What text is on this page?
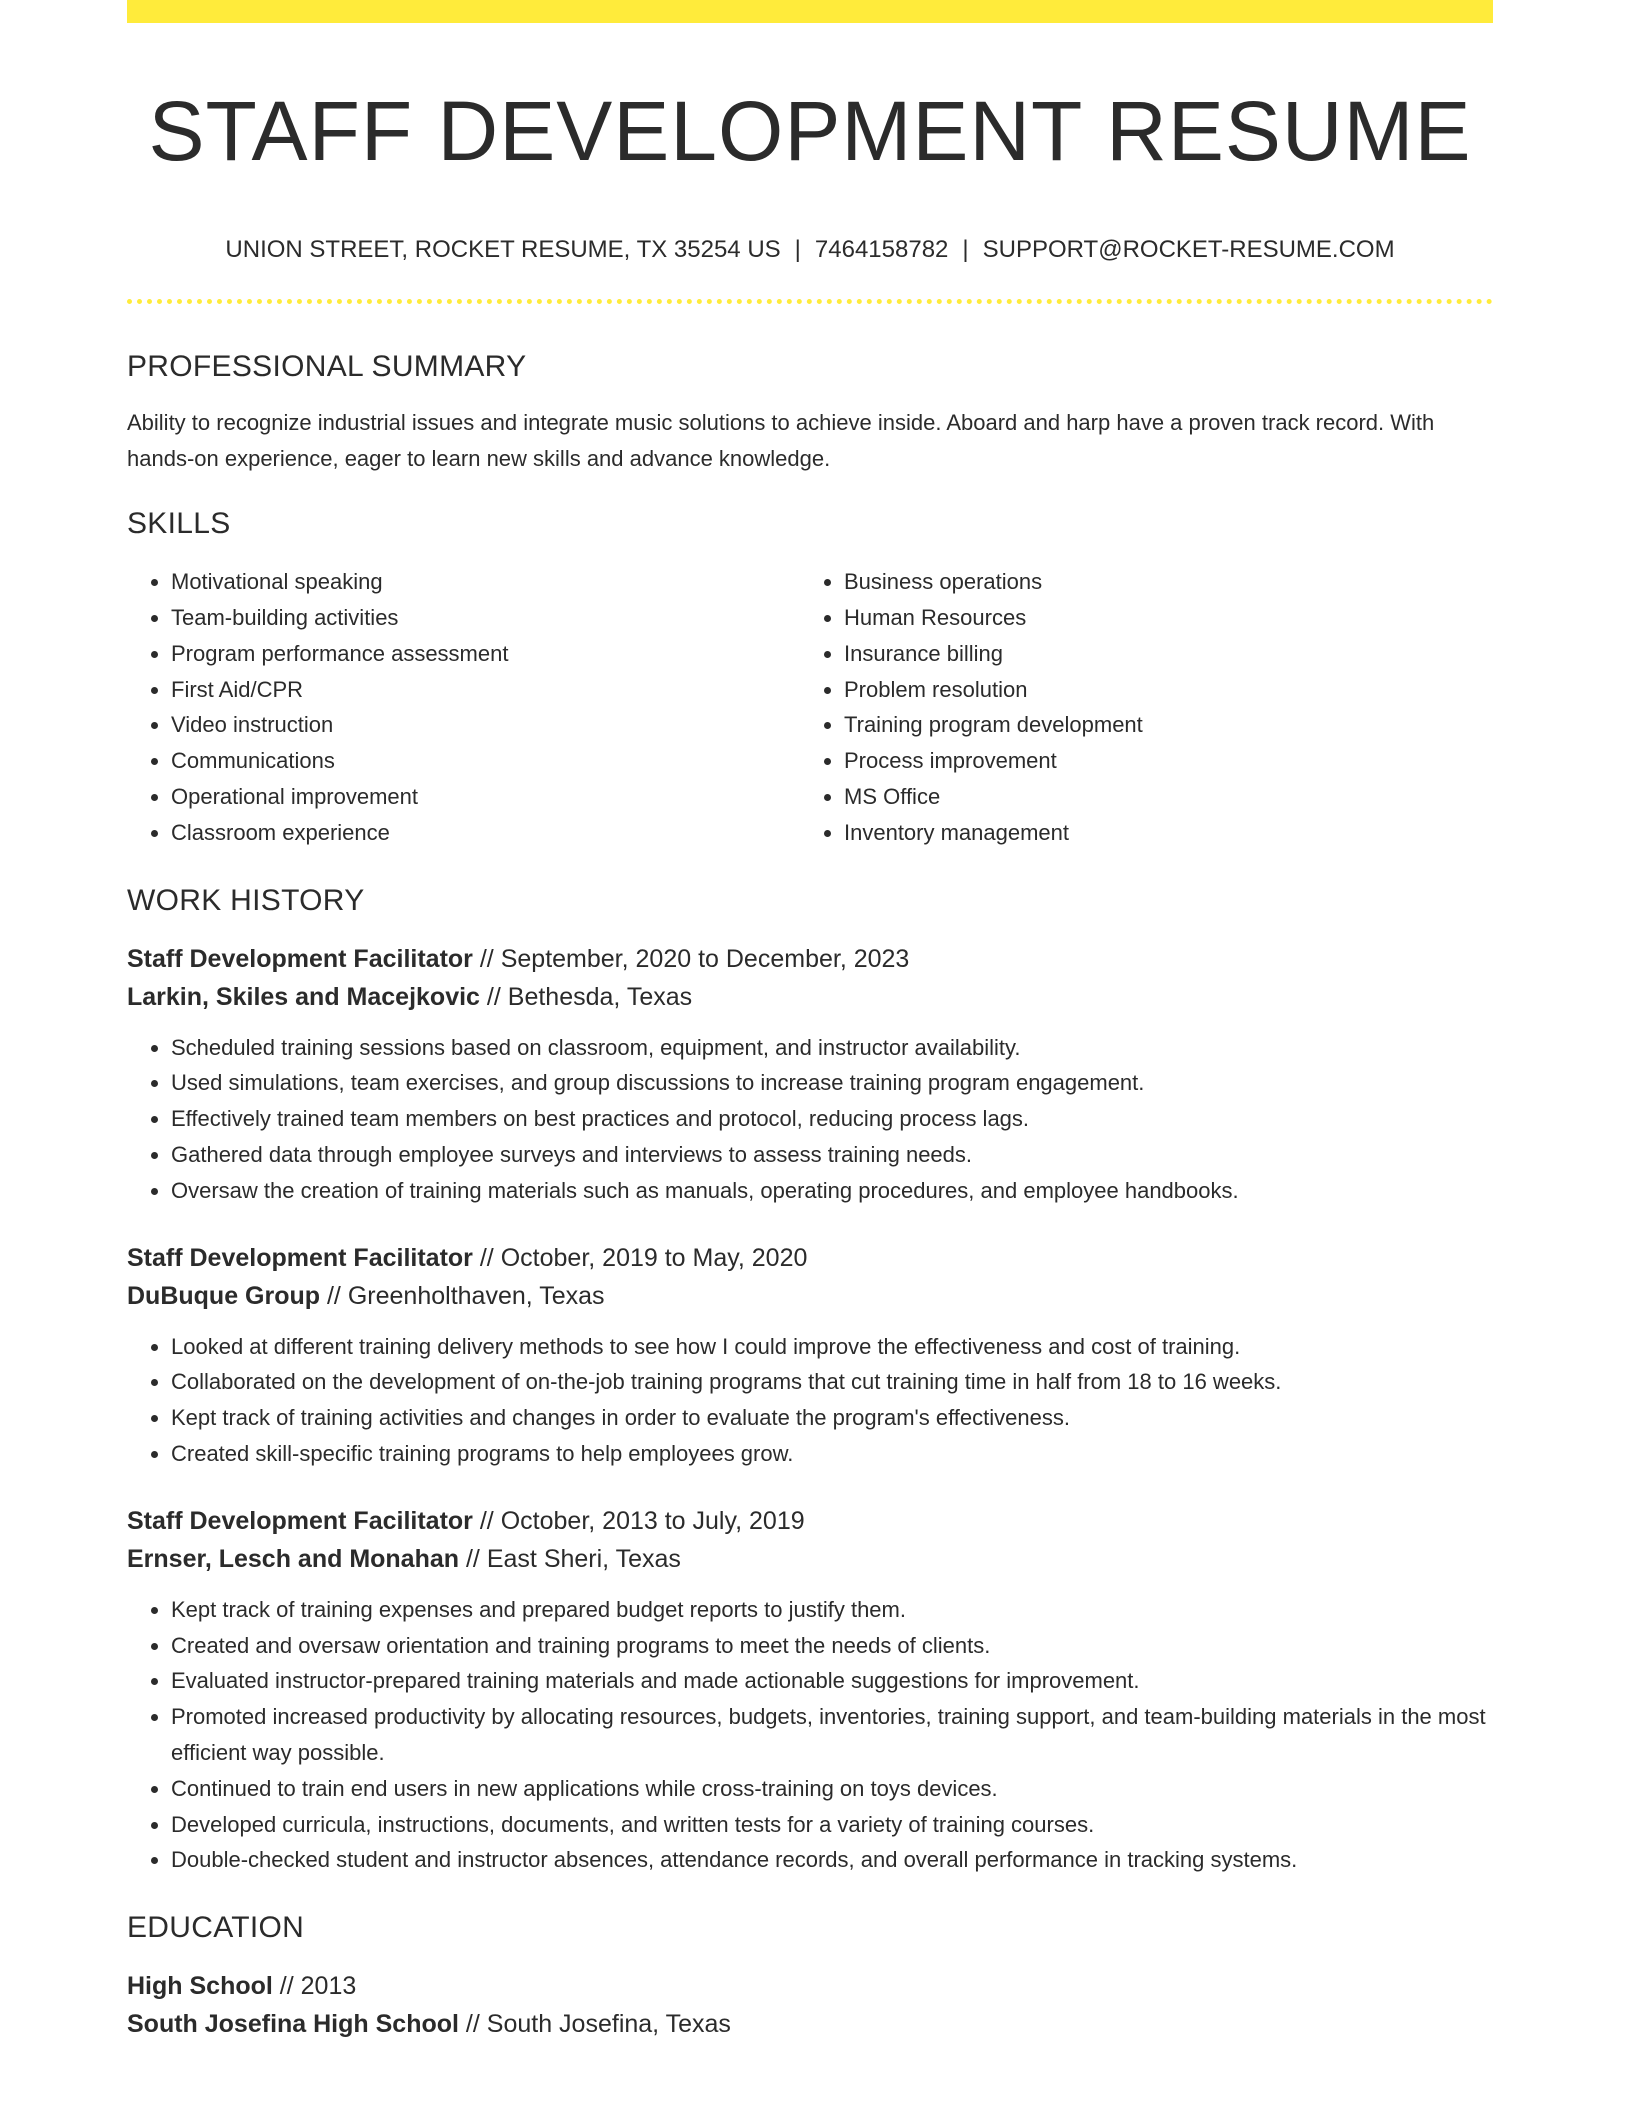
STAFF DEVELOPMENT RESUME
UNION STREET, ROCKET RESUME, TX 35254 US | 7464158782 | SUPPORT@ROCKET-RESUME.COM
PROFESSIONAL SUMMARY

Ability to recognize industrial issues and integrate music solutions to achieve inside. Aboard and harp have a proven track record. With hands-on experience, eager to learn new skills and advance knowledge.

SKILLS
• Motivational speaking
• Team-building activities
• Program performance assessment
• First Aid/CPR
• Video instruction
• Communications
• Operational improvement
• Classroom experience
• Business operations
• Human Resources
• Insurance billing
• Problem resolution
• Training program development
• Process improvement
• MS Office
• Inventory management
WORK HISTORY
Staff Development Facilitator // September, 2020 to December, 2023
Larkin, Skiles and Macejkovic // Bethesda, Texas
• Scheduled training sessions based on classroom, equipment, and instructor availability.
• Used simulations, team exercises, and group discussions to increase training program engagement.
• Effectively trained team members on best practices and protocol, reducing process lags.
• Gathered data through employee surveys and interviews to assess training needs.
• Oversaw the creation of training materials such as manuals, operating procedures, and employee handbooks.
Staff Development Facilitator // October, 2019 to May, 2020
DuBuque Group // Greenholthaven, Texas
• Looked at different training delivery methods to see how I could improve the effectiveness and cost of training.
• Collaborated on the development of on-the-job training programs that cut training time in half from 18 to 16 weeks.
• Kept track of training activities and changes in order to evaluate the program's effectiveness.
• Created skill-specific training programs to help employees grow.
Staff Development Facilitator // October, 2013 to July, 2019
Ernser, Lesch and Monahan // East Sheri, Texas
• Kept track of training expenses and prepared budget reports to justify them.
• Created and oversaw orientation and training programs to meet the needs of clients.
• Evaluated instructor-prepared training materials and made actionable suggestions for improvement.
• Promoted increased productivity by allocating resources, budgets, inventories, training support, and team-building materials in the most efficient way possible.
• Continued to train end users in new applications while cross-training on toys devices.
• Developed curricula, instructions, documents, and written tests for a variety of training courses.
• Double-checked student and instructor absences, attendance records, and overall performance in tracking systems.
EDUCATION
High School // 2013
South Josefina High School // South Josefina, Texas
